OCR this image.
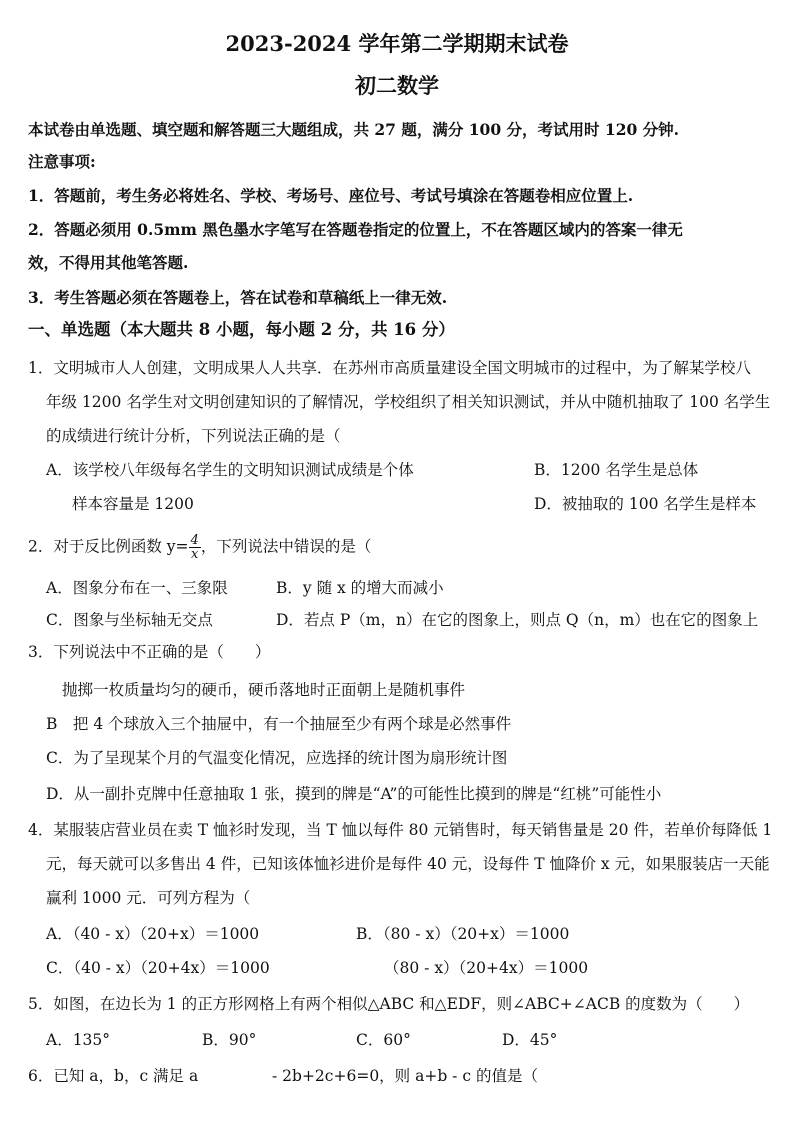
2023-2024 学年第二学期期末试卷
初二数学
本试卷由单选题、填空题和解答题三大题组成，共 27 题，满分 100 分，考试用时 120 分钟.
注意事项:
1．答题前，考生务必将姓名、学校、考场号、座位号、考试号填涂在答题卷相应位置上.
2．答题必须用 0.5mm 黑色墨水字笔写在答题卷指定的位置上，不在答题区域内的答案一律无
效，不得用其他笔答题.
3．考生答题必须在答题卷上，答在试卷和草稿纸上一律无效.
一、单选题（本大题共 8 小题，每小题 2 分，共 16 分）
1．文明城市人人创建，文明成果人人共享．在苏州市高质量建设全国文明城市的过程中，为了解某学校八
年级 1200 名学生对文明创建知识的了解情况，学校组织了相关知识测试，并从中随机抽取了 100 名学生
的成绩进行统计分析，下列说法正确的是（
A．该学校八年级每名学生的文明知识测试成绩是个体	B．1200 名学生是总体
样本容量是 1200	D．被抽取的 100 名学生是样本
2．对于反比例函数 $y= \frac{4}{x}$ ，下列说法中错误的是（
A．图象分布在一、三象限	B．y 随 x 的增大而减小
C．图象与坐标轴无交点	D．若点 P（m，n）在它的图象上，则点 Q（n，m）也在它的图象上
3．下列说法中不正确的是（　　）
抛掷一枚质量均匀的硬币，硬币落地时正面朝上是随机事件
B　把 4 个球放入三个抽屉中，有一个抽屉至少有两个球是必然事件
C．为了呈现某个月的气温变化情况，应选择的统计图为扇形统计图
D．从一副扑克牌中任意抽取 1 张，摸到的牌是“A”的可能性比摸到的牌是“红桃”可能性小
4．某服装店营业员在卖 T 恤衫时发现，当 T 恤以每件 80 元销售时，每天销售量是 20 件，若单价每降低 1
元，每天就可以多售出 4 件，已知该体恤衫进价是每件 40 元，设每件 T 恤降价 x 元，如果服装店一天能
赢利 1000 元．可列方程为（
A．（40 - x）（20+x）＝1000	B．（80 - x）（20+x）＝1000
C．（40 - x）（20+4x）＝1000	（80 - x）（20+4x）＝1000
5．如图，在边长为 1 的正方形网格上有两个相似△ABC 和△EDF，则∠ABC+∠ACB 的度数为（　　）
A．135°	B．90°	C．60°	D．45°
6．已知 a，b，c 满足 a	- 2b+2c+6=0，则 a+b - c 的值是（
